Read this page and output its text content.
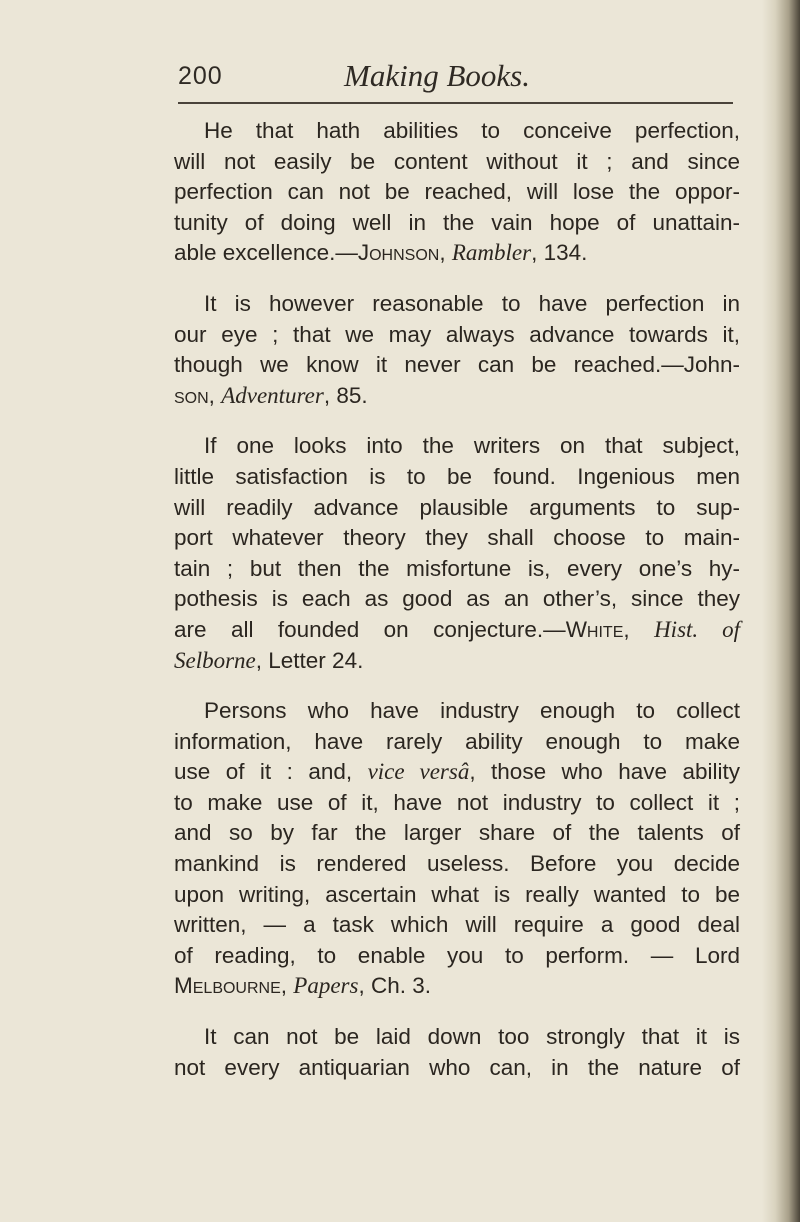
200	Making Books.
He that hath abilities to conceive perfection,
will not easily be content without it ; and since
perfection can not be reached, will lose the oppor-
tunity of doing well in the vain hope of unattain-
able excellence.—Johnson, Rambler, 134.
It is however reasonable to have perfection in
our eye ; that we may always advance towards it,
though we know it never can be reached.—John-
son, Adventurer, 85.
If one looks into the writers on that subject,
little satisfaction is to be found. Ingenious men
will readily advance plausible arguments to sup-
port whatever theory they shall choose to main-
tain ; but then the misfortune is, every one’s hy-
pothesis is each as good as an other’s, since they
are all founded on conjecture.—White, Hist. of
Selborne, Letter 24.
Persons who have industry enough to collect
information, have rarely ability enough to make
use of it : and, vice versâ, those who have ability
to make use of it, have not industry to collect it ;
and so by far the larger share of the talents of
mankind is rendered useless. Before you decide
upon writing, ascertain what is really wanted to be
written, — a task which will require a good deal
of reading, to enable you to perform. — Lord
Melbourne, Papers, Ch. 3.
It can not be laid down too strongly that it is
not every antiquarian who can, in the nature of
